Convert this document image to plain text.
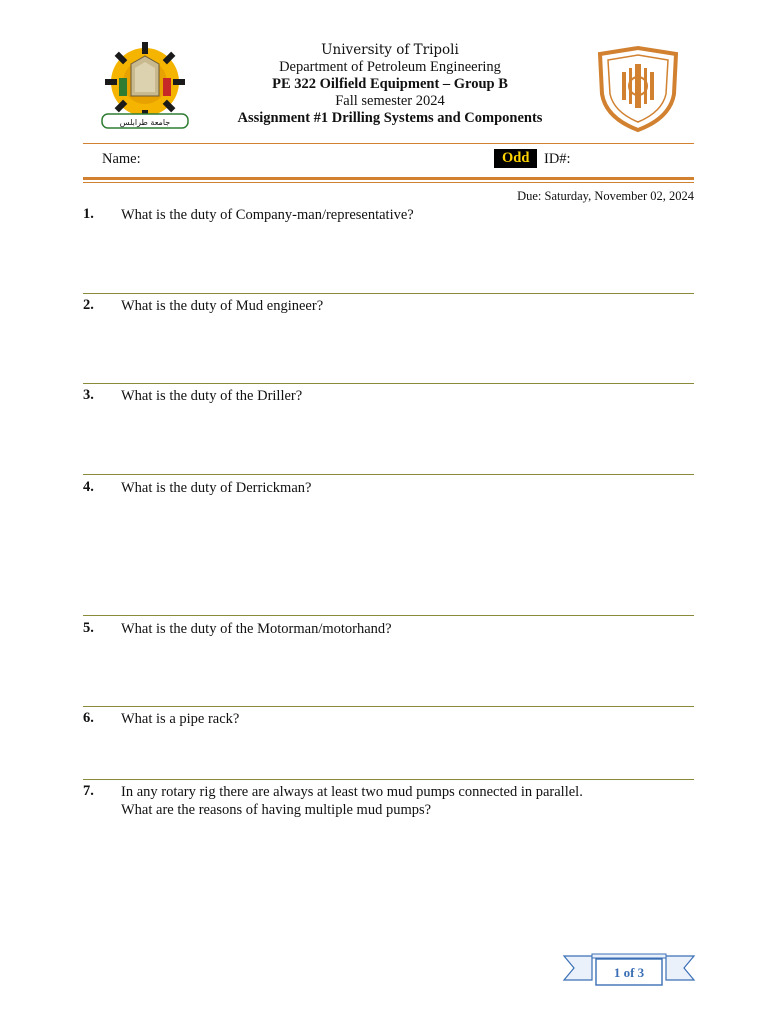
جامعة طرابلس
University of Tripoli
Department of Petroleum Engineering
PE 322 Oilfield Equipment – Group B
Fall semester 2024
Assignment #1 Drilling Systems and Components
Name:	Odd	ID#:
Due: Saturday, November 02, 2024
1. What is the duty of Company-man/representative?
2. What is the duty of Mud engineer?
3. What is the duty of the Driller?
4. What is the duty of Derrickman?
5. What is the duty of the Motorman/motorhand?
6. What is a pipe rack?
7. In any rotary rig there are always at least two mud pumps connected in parallel.
What are the reasons of having multiple mud pumps?
1 of 3
